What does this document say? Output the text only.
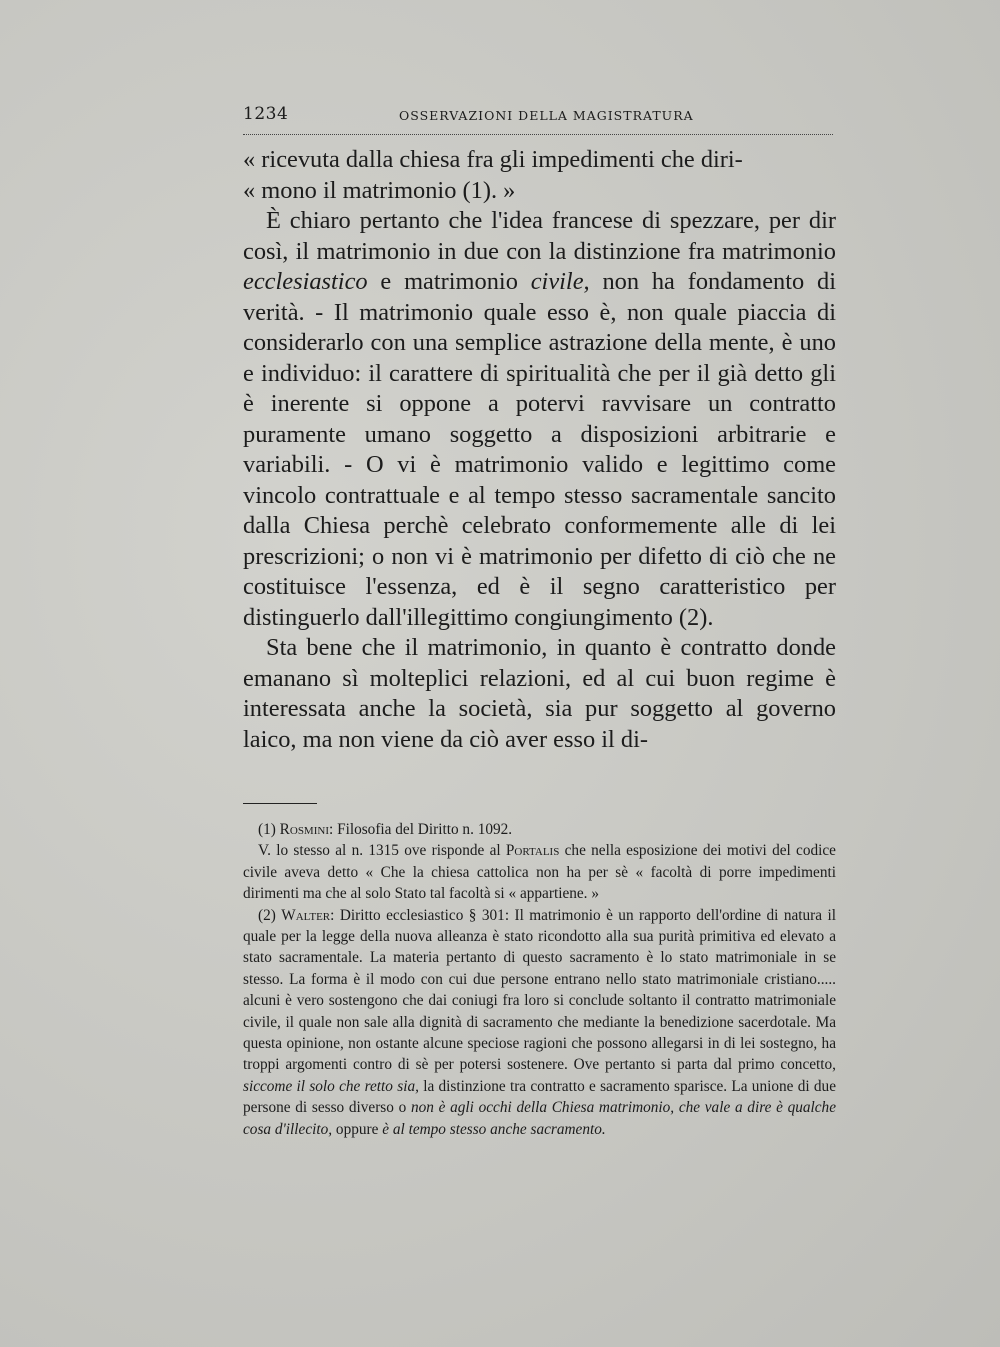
1234	OSSERVAZIONI DELLA MAGISTRATURA

« ricevuta dalla chiesa fra gli impedimenti che diri-
« mono il matrimonio (1). »

È chiaro pertanto che l'idea francese di spezzare, per dir così, il matrimonio in due con la distinzione fra matrimonio ecclesiastico e matrimonio civile, non ha fondamento di verità. - Il matrimonio quale esso è, non quale piaccia di considerarlo con una semplice astrazione della mente, è uno e individuo: il carattere di spiritualità che per il già detto gli è inerente si oppone a potervi ravvisare un contratto puramente umano soggetto a disposizioni arbitrarie e variabili. - O vi è matrimonio valido e legittimo come vincolo contrattuale e al tempo stesso sacramentale sancito dalla Chiesa perchè celebrato conformemente alle di lei prescrizioni; o non vi è matrimonio per difetto di ciò che ne costituisce l'essenza, ed è il segno caratteristico per distinguerlo dall'illegittimo congiungimento (2).

Sta bene che il matrimonio, in quanto è contratto donde emanano sì molteplici relazioni, ed al cui buon regime è interessata anche la società, sia pur soggetto al governo laico, ma non viene da ciò aver esso il di-

(1) Rosmini: Filosofia del Diritto n. 1092.

V. lo stesso al n. 1315 ove risponde al Portalis che nella esposizione dei motivi del codice civile aveva detto « Che la chiesa cattolica non ha per sè « facoltà di porre impedimenti dirimenti ma che al solo Stato tal facoltà si « appartiene. »

(2) Walter: Diritto ecclesiastico § 301: Il matrimonio è un rapporto dell'ordine di natura il quale per la legge della nuova alleanza è stato ricondotto alla sua purità primitiva ed elevato a stato sacramentale. La materia pertanto di questo sacramento è lo stato matrimoniale in se stesso. La forma è il modo con cui due persone entrano nello stato matrimoniale cristiano..... alcuni è vero sostengono che dai coniugi fra loro si conclude soltanto il contratto matrimoniale civile, il quale non sale alla dignità di sacramento che mediante la benedizione sacerdotale. Ma questa opinione, non ostante alcune speciose ragioni che possono allegarsi in di lei sostegno, ha troppi argomenti contro di sè per potersi sostenere. Ove pertanto si parta dal primo concetto, siccome il solo che retto sia, la distinzione tra contratto e sacramento sparisce. La unione di due persone di sesso diverso o non è agli occhi della Chiesa matrimonio, che vale a dire è qualche cosa d'illecito, oppure è al tempo stesso anche sacramento.
